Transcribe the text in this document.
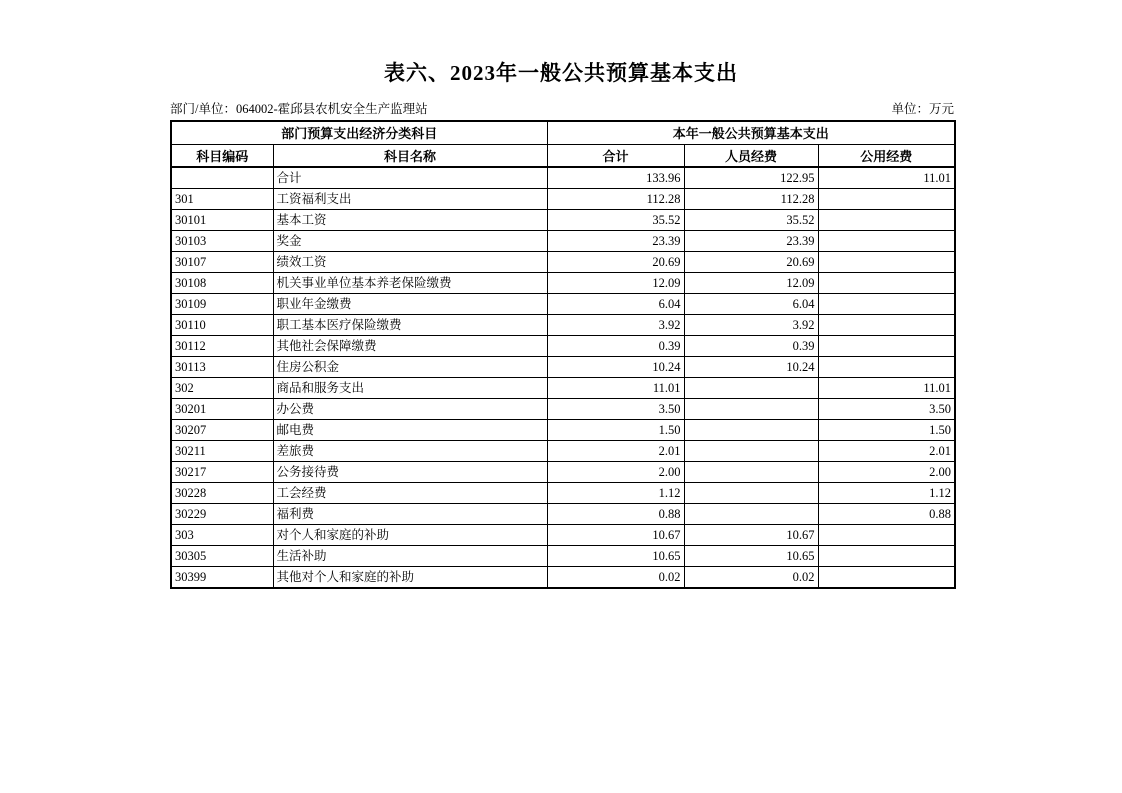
表六、2023年一般公共预算基本支出
部门/单位：064002-霍邱县农机安全生产监理站	单位：万元
部门预算支出经济分类科目		本年一般公共预算基本支出		
科目编码	科目名称	合计	人员经费	公用经费
	合计	133.96	122.95	11.01
301	工资福利支出	112.28	112.28	
30101	基本工资	35.52	35.52	
30103	奖金	23.39	23.39	
30107	绩效工资	20.69	20.69	
30108	机关事业单位基本养老保险缴费	12.09	12.09	
30109	职业年金缴费	6.04	6.04	
30110	职工基本医疗保险缴费	3.92	3.92	
30112	其他社会保障缴费	0.39	0.39	
30113	住房公积金	10.24	10.24	
302	商品和服务支出	11.01		11.01
30201	办公费	3.50		3.50
30207	邮电费	1.50		1.50
30211	差旅费	2.01		2.01
30217	公务接待费	2.00		2.00
30228	工会经费	1.12		1.12
30229	福利费	0.88		0.88
303	对个人和家庭的补助	10.67	10.67	
30305	生活补助	10.65	10.65	
30399	其他对个人和家庭的补助	0.02	0.02	
